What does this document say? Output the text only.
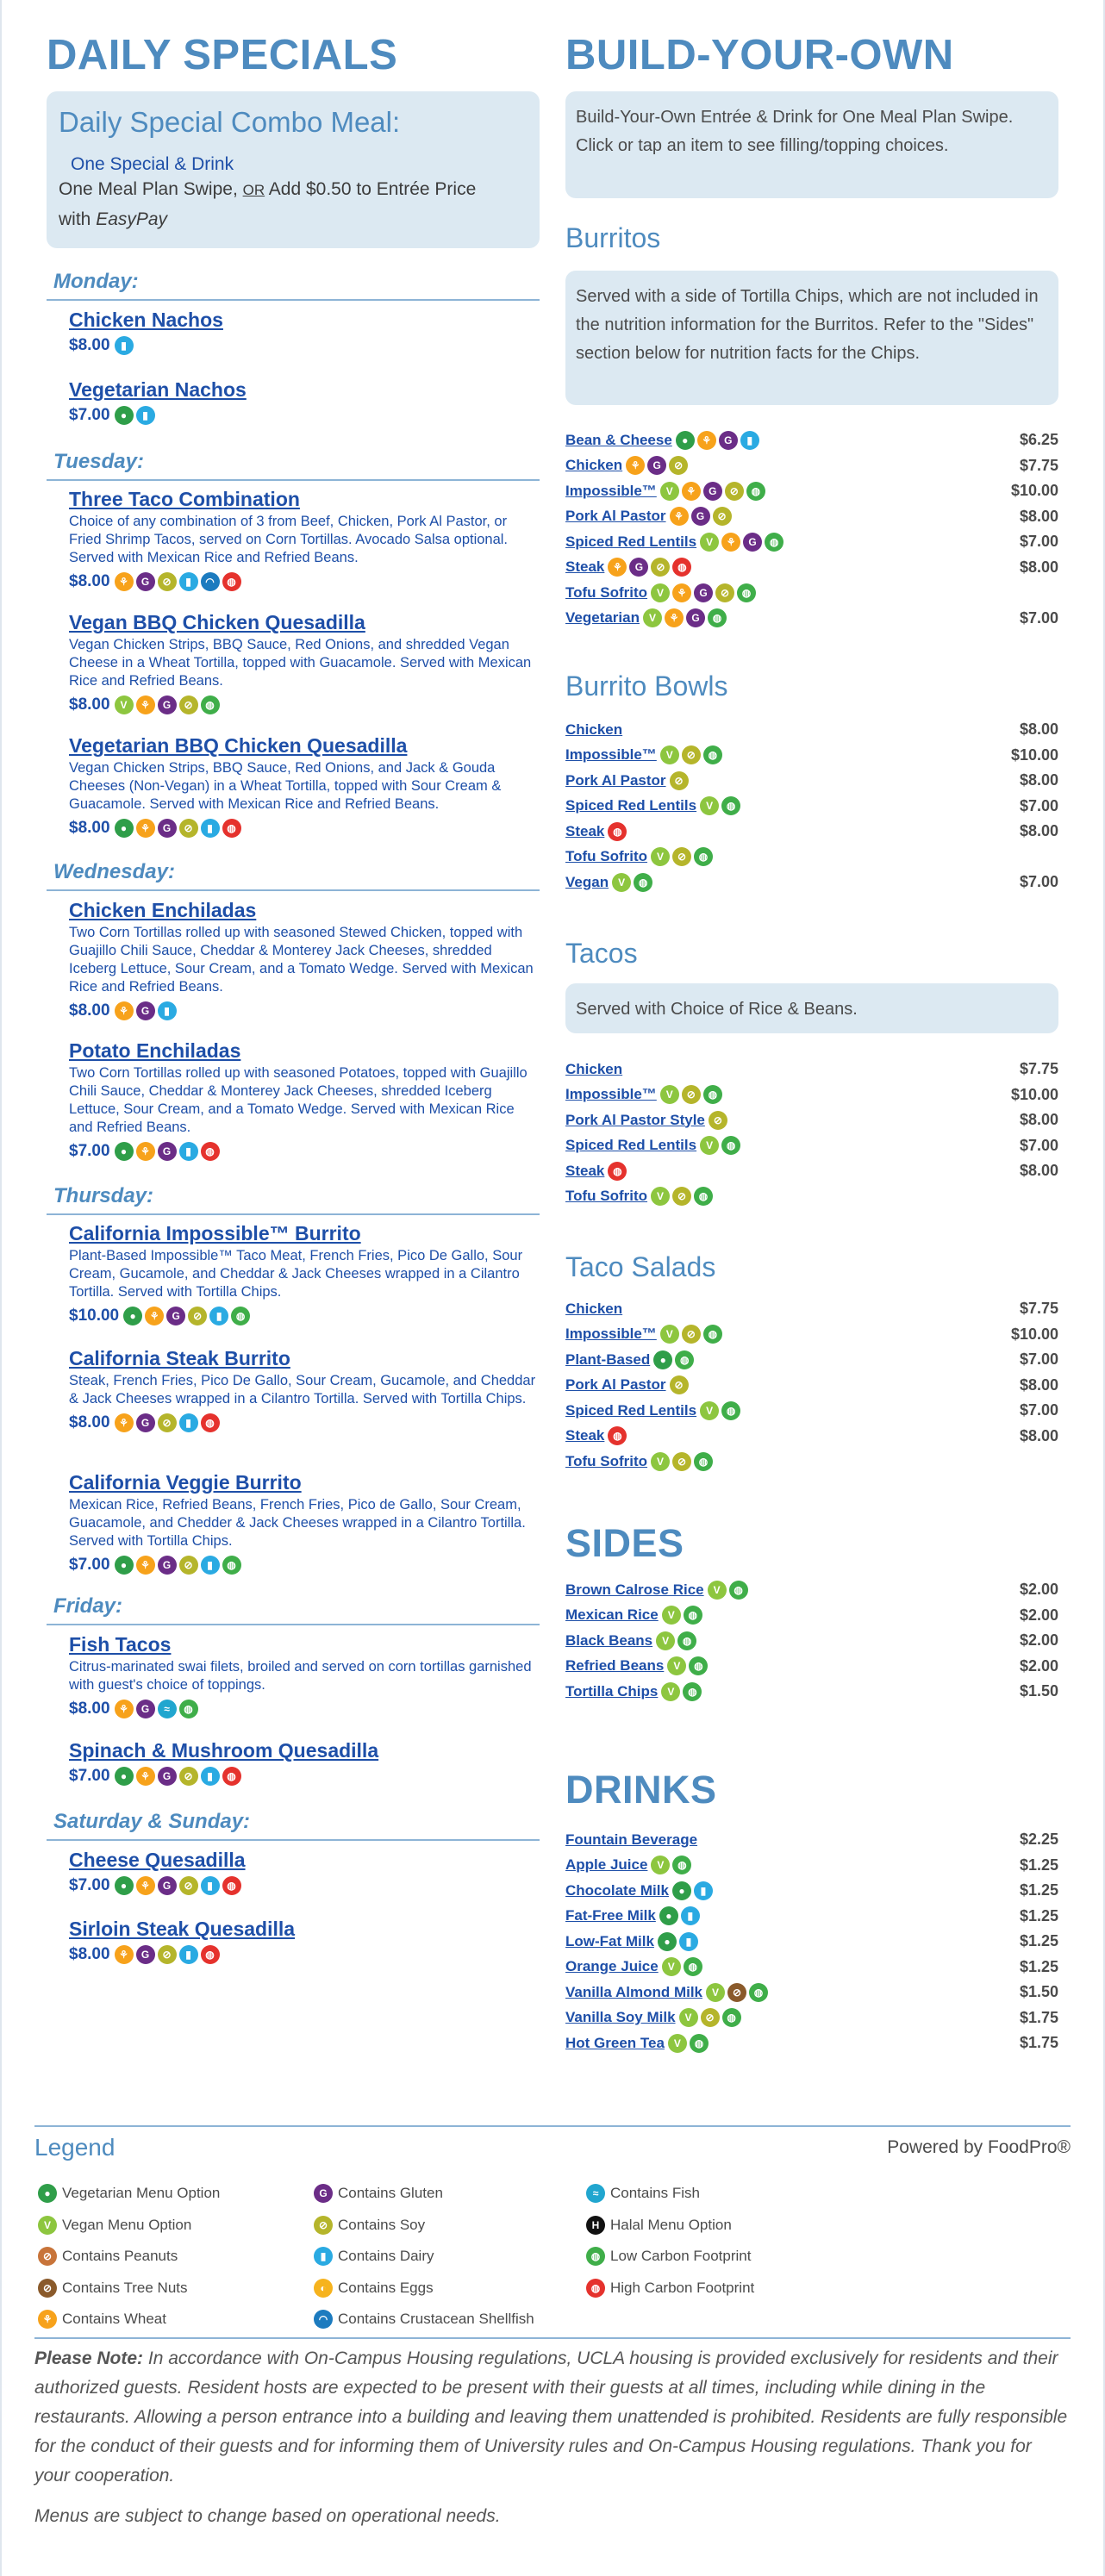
DAILY SPECIALS
Daily Special Combo Meal:
One Special & Drink
One Meal Plan Swipe, OR Add $0.50 to Entrée Price
with EasyPay
Monday:
Chicken Nachos
$8.00	▮
Vegetarian Nachos
$7.00	●	▮
Tuesday:
Three Taco Combination
Choice of any combination of 3 from Beef, Chicken, Pork Al Pastor, or Fried Shrimp Tacos, served on Corn Tortillas. Avocado Salsa optional. Served with Mexican Rice and Refried Beans.
$8.00 ⚘	G	⊘	▮	◠	◍
Vegan BBQ Chicken Quesadilla
Vegan Chicken Strips, BBQ Sauce, Red Onions, and shredded Vegan Cheese in a Wheat Tortilla, topped with Guacamole. Served with Mexican Rice and Refried Beans.
$8.00 V	⚘	G	⊘	◍
Vegetarian BBQ Chicken Quesadilla
Vegan Chicken Strips, BBQ Sauce, Red Onions, and Jack & Gouda Cheeses (Non-Vegan) in a Wheat Tortilla, topped with Sour Cream & Guacamole. Served with Mexican Rice and Refried Beans.
$8.00	●	⚘	G	⊘	▮	◍
Wednesday:
Chicken Enchiladas
Two Corn Tortillas rolled up with seasoned Stewed Chicken, topped with Guajillo Chili Sauce, Cheddar & Monterey Jack Cheeses, shredded Iceberg Lettuce, Sour Cream, and a Tomato Wedge. Served with Mexican Rice and Refried Beans.
$8.00 ⚘	G	▮
Potato Enchiladas
Two Corn Tortillas rolled up with seasoned Potatoes, topped with Guajillo Chili Sauce, Cheddar & Monterey Jack Cheeses, shredded Iceberg Lettuce, Sour Cream, and a Tomato Wedge. Served with Mexican Rice and Refried Beans.
$7.00	●	⚘	G	▮	◍
Thursday:
California Impossible™ Burrito
Plant-Based Impossible™ Taco Meat, French Fries, Pico De Gallo, Sour Cream, Gucamole, and Cheddar & Jack Cheeses wrapped in a Cilantro Tortilla. Served with Tortilla Chips.
$10.00	●	⚘	G	⊘	▮	◍
California Steak Burrito
Steak, French Fries, Pico De Gallo, Sour Cream, Gucamole, and Cheddar & Jack Cheeses wrapped in a Cilantro Tortilla. Served with Tortilla Chips.
$8.00 ⚘	G	⊘	▮	◍
California Veggie Burrito
Mexican Rice, Refried Beans, French Fries, Pico de Gallo, Sour Cream, Guacamole, and Chedder & Jack Cheeses wrapped in a Cilantro Tortilla. Served with Tortilla Chips.
$7.00	●	⚘	G	⊘	▮	◍
Friday:
Fish Tacos
Citrus-marinated swai filets, broiled and served on corn tortillas garnished with guest's choice of toppings.
$8.00 ⚘	G	≈	◍
Spinach & Mushroom Quesadilla
$7.00	●	⚘	G	⊘	▮	◍
Saturday & Sunday:
Cheese Quesadilla
$7.00	●	⚘	G	⊘	▮	◍
Sirloin Steak Quesadilla
$8.00 ⚘	G	⊘	▮	◍
BUILD-YOUR-OWN
Build-Your-Own Entrée & Drink for One Meal Plan Swipe. Click or tap an item to see filling/topping choices.
Burritos
Served with a side of Tortilla Chips, which are not included in the nutrition information for the Burritos. Refer to the "Sides" section below for nutrition facts for the Chips.
Bean & Cheese ●	⚘	G	▮	$6.25
Chicken ⚘	G	⊘	$7.75
Impossible™ V	⚘	G	⊘	◍	$10.00
Pork Al Pastor ⚘	G	⊘	$8.00
Spiced Red Lentils V	⚘	G	◍	$7.00
Steak ⚘	G	⊘	◍	$8.00
Tofu Sofrito V	⚘	G	⊘	◍
Vegetarian V	⚘	G	◍	$7.00
Burrito Bowls
Chicken	$8.00
Impossible™ V	⊘	◍	$10.00
Pork Al Pastor ⊘	$8.00
Spiced Red Lentils V	◍	$7.00
Steak ◍	$8.00
Tofu Sofrito V	⊘	◍
Vegan V	◍	$7.00
Tacos
Served with Choice of Rice & Beans.
Chicken	$7.75
Impossible™ V	⊘	◍	$10.00
Pork Al Pastor Style ⊘	$8.00
Spiced Red Lentils V	◍	$7.00
Steak ◍	$8.00
Tofu Sofrito V	⊘	◍
Taco Salads
Chicken	$7.75
Impossible™ V	⊘	◍	$10.00
Plant-Based ●	◍	$7.00
Pork Al Pastor ⊘	$8.00
Spiced Red Lentils V	◍	$7.00
Steak ◍	$8.00
Tofu Sofrito V	⊘	◍
SIDES
Brown Calrose Rice V	◍	$2.00
Mexican Rice V	◍	$2.00
Black Beans V	◍	$2.00
Refried Beans V	◍	$2.00
Tortilla Chips V	◍	$1.50
DRINKS
Fountain Beverage	$2.25
Apple Juice V	◍	$1.25
Chocolate Milk ●	▮	$1.25
Fat-Free Milk ●	▮	$1.25
Low-Fat Milk ●	▮	$1.25
Orange Juice V	◍	$1.25
Vanilla Almond Milk V	⊘	◍	$1.50
Vanilla Soy Milk V	⊘	◍	$1.75
Hot Green Tea V	◍	$1.75
Legend	Powered by FoodPro®
● Vegetarian Menu Option
V Vegan Menu Option
⊘ Contains Peanuts
⊘ Contains Tree Nuts
⚘ Contains Wheat
G Contains Gluten
⊘ Contains Soy
▮ Contains Dairy
◐ Contains Eggs
◠ Contains Crustacean Shellfish
≈ Contains Fish
H Halal Menu Option
◍ Low Carbon Footprint
◍ High Carbon Footprint
Please Note: In accordance with On-Campus Housing regulations, UCLA housing is provided exclusively for residents and their authorized guests. Resident hosts are expected to be present with their guests at all times, including while dining in the restaurants. Allowing a person entrance into a building and leaving them unattended is prohibited. Residents are fully responsible for the conduct of their guests and for informing them of University rules and On-Campus Housing regulations. Thank you for your cooperation.
Menus are subject to change based on operational needs.
